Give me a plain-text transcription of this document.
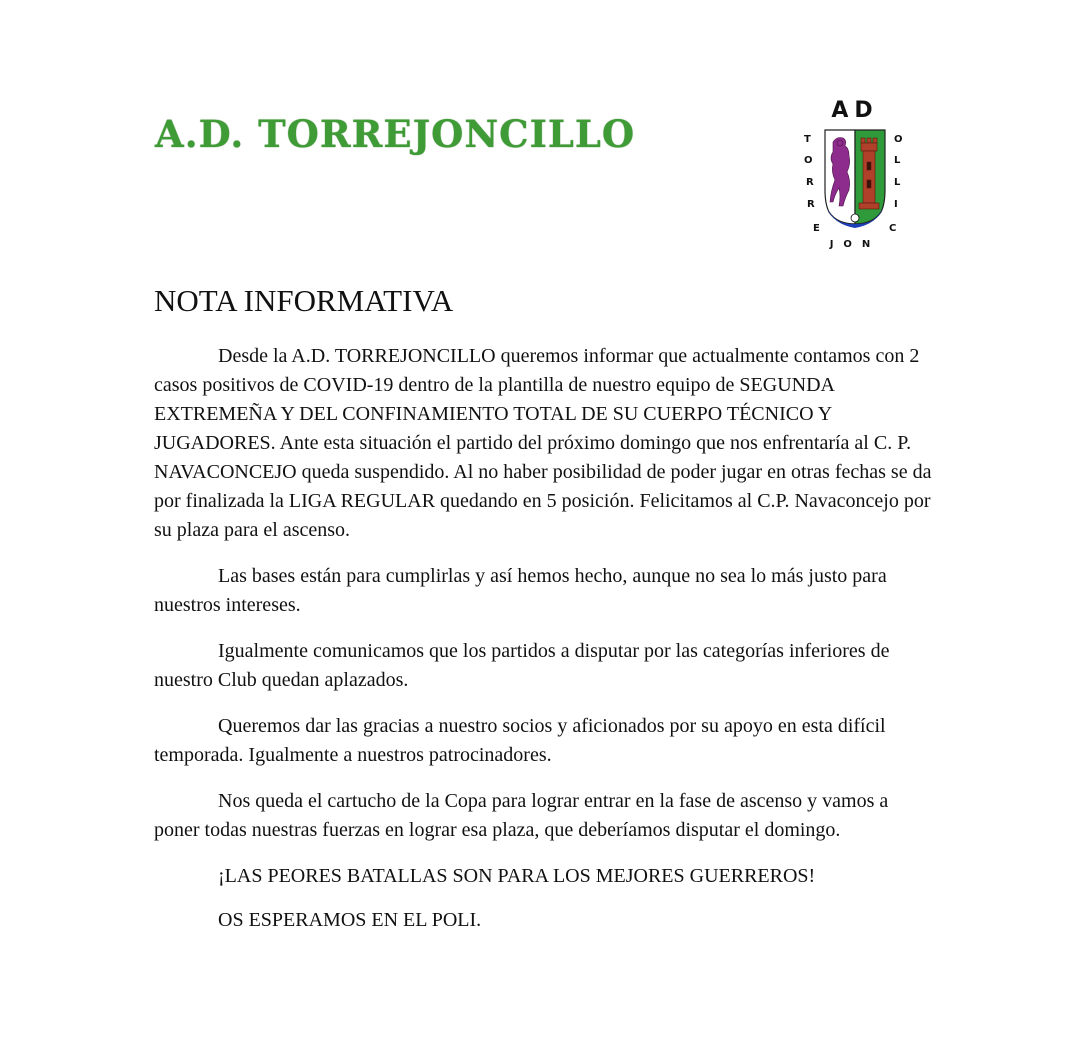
A.D. TORREJONCILLO
AD
T
O
R
R
E
O
L
L
I
C
JON
NOTA INFORMATIVA

Desde la A.D. TORREJONCILLO queremos informar que actualmente contamos con 2 casos positivos de COVID-19 dentro de la plantilla de nuestro equipo de SEGUNDA EXTREMEÑA Y DEL CONFINAMIENTO TOTAL DE SU CUERPO TÉCNICO Y JUGADORES. Ante esta situación el partido del próximo domingo que nos enfrentaría al C. P. NAVACONCEJO queda suspendido. Al no haber posibilidad de poder jugar en otras fechas se da por finalizada la LIGA REGULAR quedando en 5 posición. Felicitamos al C.P. Navaconcejo por su plaza para el ascenso.

Las bases están para cumplirlas y así hemos hecho, aunque no sea lo más justo para nuestros intereses.

Igualmente comunicamos que los partidos a disputar por las categorías inferiores de nuestro Club quedan aplazados.

Queremos dar las gracias a nuestro socios y aficionados por su apoyo en esta difícil temporada. Igualmente a nuestros patrocinadores.

Nos queda el cartucho de la Copa para lograr entrar en la fase de ascenso y vamos a poner todas nuestras fuerzas en lograr esa plaza, que deberíamos disputar el domingo.

¡LAS PEORES BATALLAS SON PARA LOS MEJORES GUERREROS!

OS ESPERAMOS EN EL POLI.
